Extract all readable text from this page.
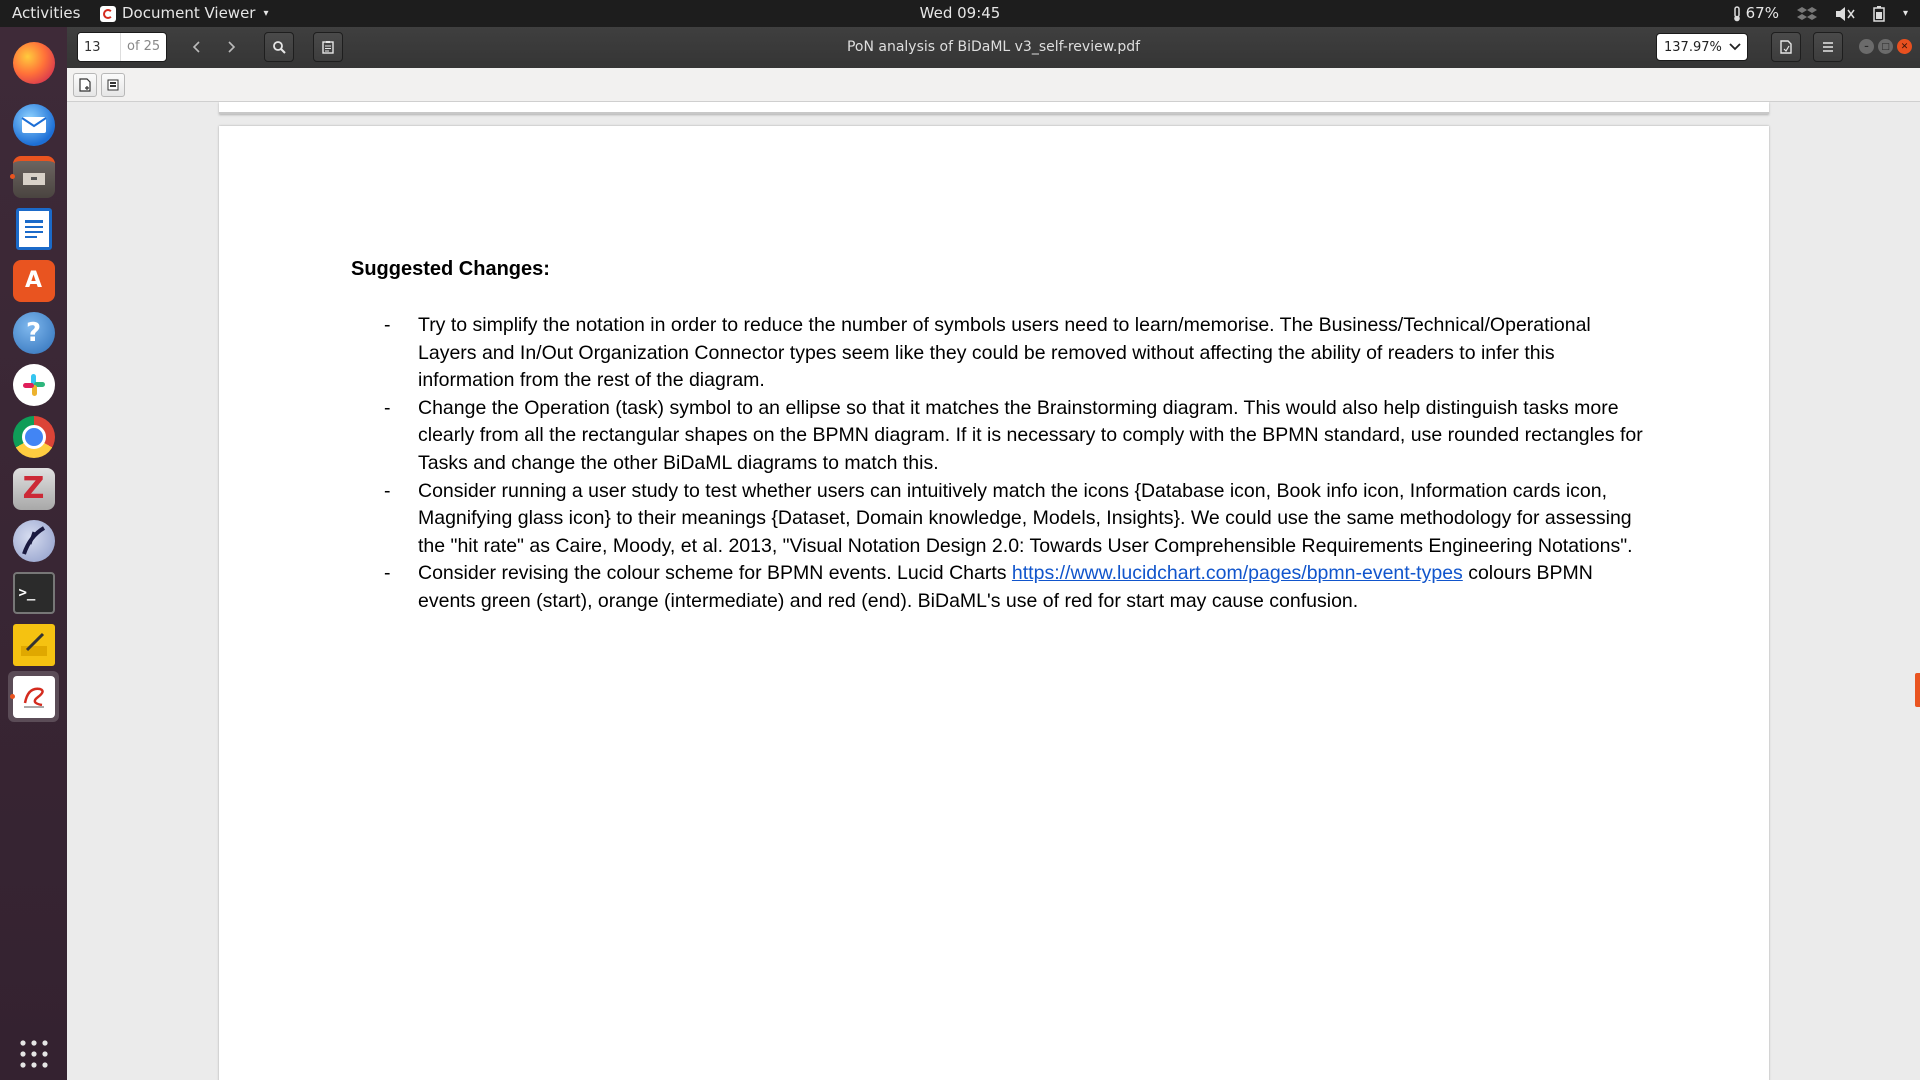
Activities	Document Viewer ▾	Wed 09:45	67%	▾
A
?
Z
>_
PoN analysis of BiDaML v3_self-review.pdf
13
of 25	137.97%	–	□	✕
Suggested Changes:
- Try to simplify the notation in order to reduce the number of symbols users need to learn/memorise. The Business/Technical/Operational Layers and In/Out Organization Connector types seem like they could be removed without affecting the ability of readers to infer this information from the rest of the diagram.
- Change the Operation (task) symbol to an ellipse so that it matches the Brainstorming diagram. This would also help distinguish tasks more clearly from all the rectangular shapes on the BPMN diagram. If it is necessary to comply with the BPMN standard, use rounded rectangles for Tasks and change the other BiDaML diagrams to match this.
- Consider running a user study to test whether users can intuitively match the icons {Database icon, Book info icon, Information cards icon, Magnifying glass icon} to their meanings {Dataset, Domain knowledge, Models, Insights}. We could use the same methodology for assessing the "hit rate" as Caire, Moody, et al. 2013, "Visual Notation Design 2.0: Towards User Comprehensible Requirements Engineering Notations".
- Consider revising the colour scheme for BPMN events. Lucid Charts https://www.lucidchart.com/pages/bpmn-event-types colours BPMN events green (start), orange (intermediate) and red (end). BiDaML's use of red for start may cause confusion.
